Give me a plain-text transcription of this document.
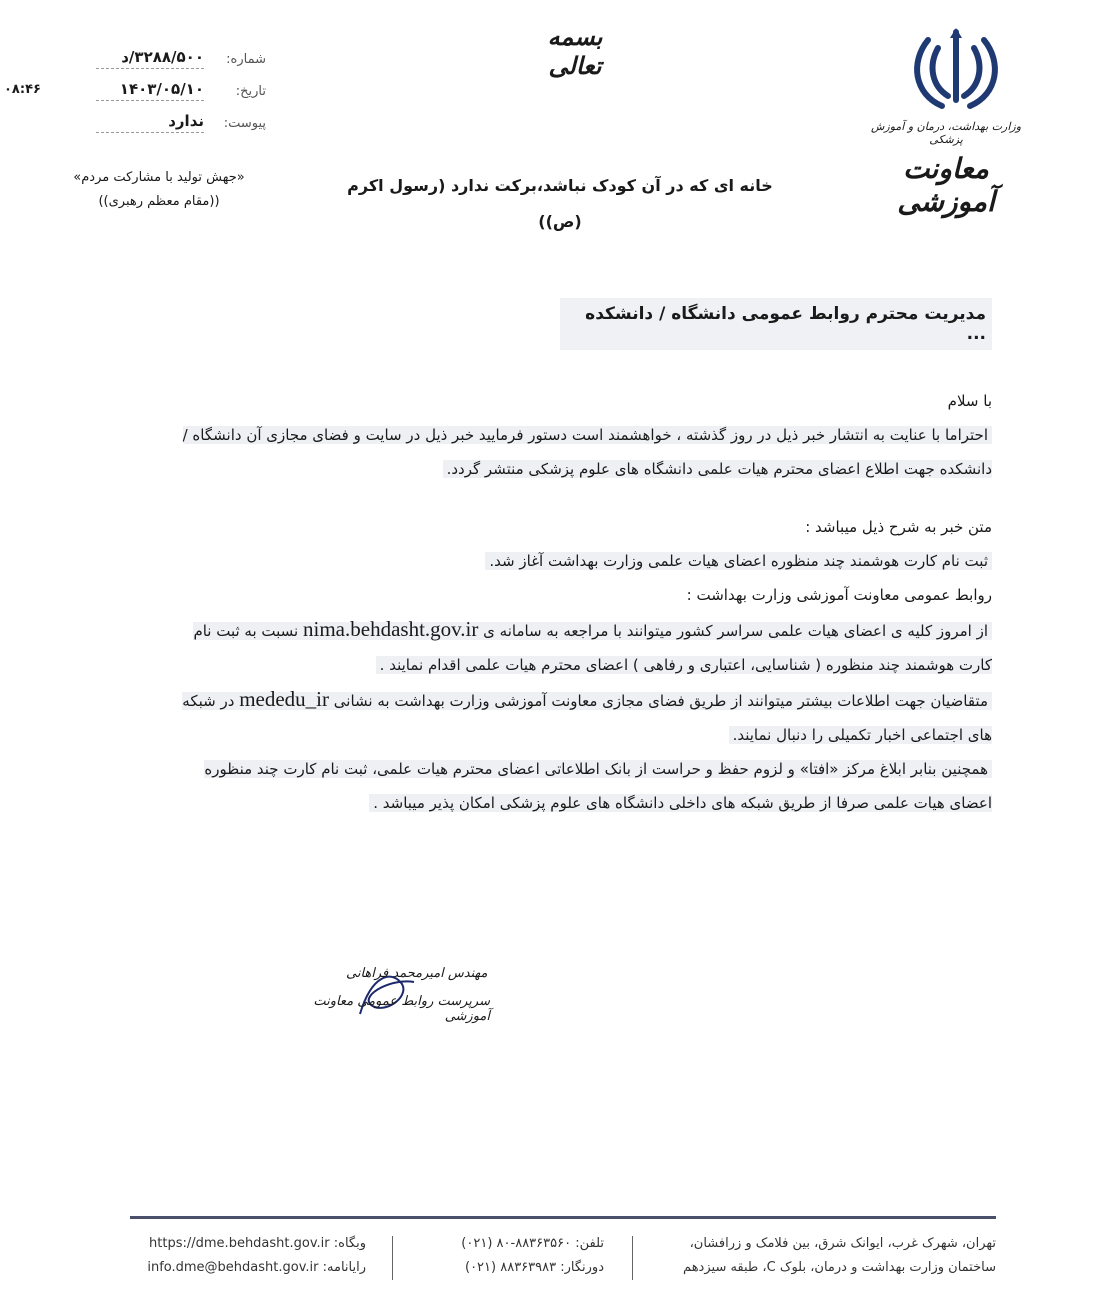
بسمه تعالی
وزارت بهداشت، درمان و آموزش پزشکی
معاونت آموزشی
شماره:
۳۲۸۸/۵۰۰/د
تاریخ:
۱۴۰۳/۰۵/۱۰
پیوست:
ندارد
۰۸:۴۶
«جهش تولید با مشارکت مردم»
((مقام معظم رهبری))
خانه ای که در آن کودک نباشد،برکت ندارد (رسول اکرم (ص))
مدیریت محترم روابط عمومی دانشگاه / دانشکده ...
با سلام
احتراما با عنایت به انتشار خبر ذیل در روز گذشته ، خواهشمند است دستور فرمایید خبر ذیل در سایت و فضای مجازی آن دانشگاه / دانشکده جهت اطلاع اعضای محترم هیات علمی دانشگاه های علوم پزشکی منتشر گردد.
متن خبر به شرح ذیل میباشد :
ثبت نام کارت هوشمند چند منظوره اعضای هیات علمی وزارت بهداشت آغاز شد.
روابط عمومی معاونت آموزشی وزارت بهداشت :
از امروز کلیه ی اعضای هیات علمی سراسر کشور میتوانند با مراجعه به سامانه ی nima.behdasht.gov.ir نسبت به ثبت نام کارت هوشمند چند منظوره ( شناسایی، اعتباری و رفاهی ) اعضای محترم هیات علمی اقدام نمایند .
متقاضیان جهت اطلاعات بیشتر میتوانند از طریق فضای مجازی معاونت آموزشی وزارت بهداشت به نشانی mededu_ir در شبکه های اجتماعی اخبار تکمیلی را دنبال نمایند.
همچنین بنابر ابلاغ مرکز «افتا» و لزوم حفظ و حراست از بانک اطلاعاتی اعضای محترم هیات علمی، ثبت نام کارت چند منظوره اعضای هیات علمی صرفا از طریق شبکه های داخلی دانشگاه های علوم پزشکی امکان پذیر میباشد .
مهندس امیرمحمد فراهانی
سرپرست روابط عمومی معاونت آموزشی
تهران، شهرک غرب، ایوانک شرق، بین فلامک و زرافشان،
ساختمان وزارت بهداشت و درمان، بلوک C، طبقه سیزدهم
تلفن: ۸۸۳۶۳۵۶۰-۸۰ (۰۲۱)
دورنگار: ۸۸۳۶۳۹۸۳ (۰۲۱)
وبگاه: https://dme.behdasht.gov.ir
رایانامه: info.dme@behdasht.gov.ir
